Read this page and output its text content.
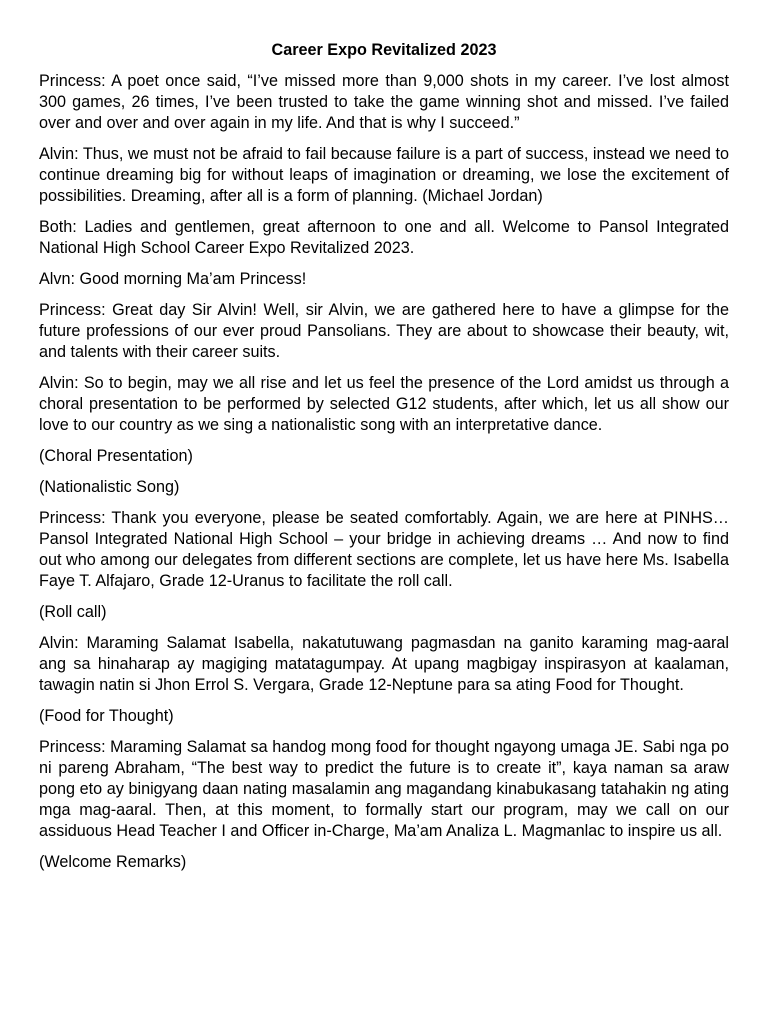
Career Expo Revitalized 2023

Princess: A poet once said, “I’ve missed more than 9,000 shots in my career. I’ve lost almost 300 games, 26 times, I’ve been trusted to take the game winning shot and missed. I’ve failed over and over and over again in my life. And that is why I succeed.”

Alvin: Thus, we must not be afraid to fail because failure is a part of success, instead we need to continue dreaming big for without leaps of imagination or dreaming, we lose the excitement of possibilities. Dreaming, after all is a form of planning. (Michael Jordan)

Both: Ladies and gentlemen, great afternoon to one and all. Welcome to Pansol Integrated National High School Career Expo Revitalized 2023.

Alvn: Good morning Ma’am Princess!

Princess: Great day Sir Alvin! Well, sir Alvin, we are gathered here to have a glimpse for the future professions of our ever proud Pansolians. They are about to showcase their beauty, wit, and talents with their career suits.

Alvin: So to begin, may we all rise and let us feel the presence of the Lord amidst us through a choral presentation to be performed by selected G12 students, after which, let us all show our love to our country as we sing a nationalistic song with an interpretative dance.

(Choral Presentation)

(Nationalistic Song)

Princess: Thank you everyone, please be seated comfortably. Again, we are here at PINHS…Pansol Integrated National High School – your bridge in achieving dreams … And now to find out who among our delegates from different sections are complete, let us have here Ms. Isabella Faye T. Alfajaro, Grade 12-Uranus to facilitate the roll call.

(Roll call)

Alvin: Maraming Salamat Isabella, nakatutuwang pagmasdan na ganito karaming mag-aaral ang sa hinaharap ay magiging matatagumpay. At upang magbigay inspirasyon at kaalaman, tawagin natin si Jhon Errol S. Vergara, Grade 12-Neptune para sa ating Food for Thought.

(Food for Thought)

Princess: Maraming Salamat sa handog mong food for thought ngayong umaga JE. Sabi nga po ni pareng Abraham, “The best way to predict the future is to create it”, kaya naman sa araw pong eto ay binigyang daan nating masalamin ang magandang kinabukasang tatahakin ng ating mga mag-aaral. Then, at this moment, to formally start our program, may we call on our assiduous Head Teacher I and Officer in-Charge, Ma’am Analiza L. Magmanlac to inspire us all.

(Welcome Remarks)
